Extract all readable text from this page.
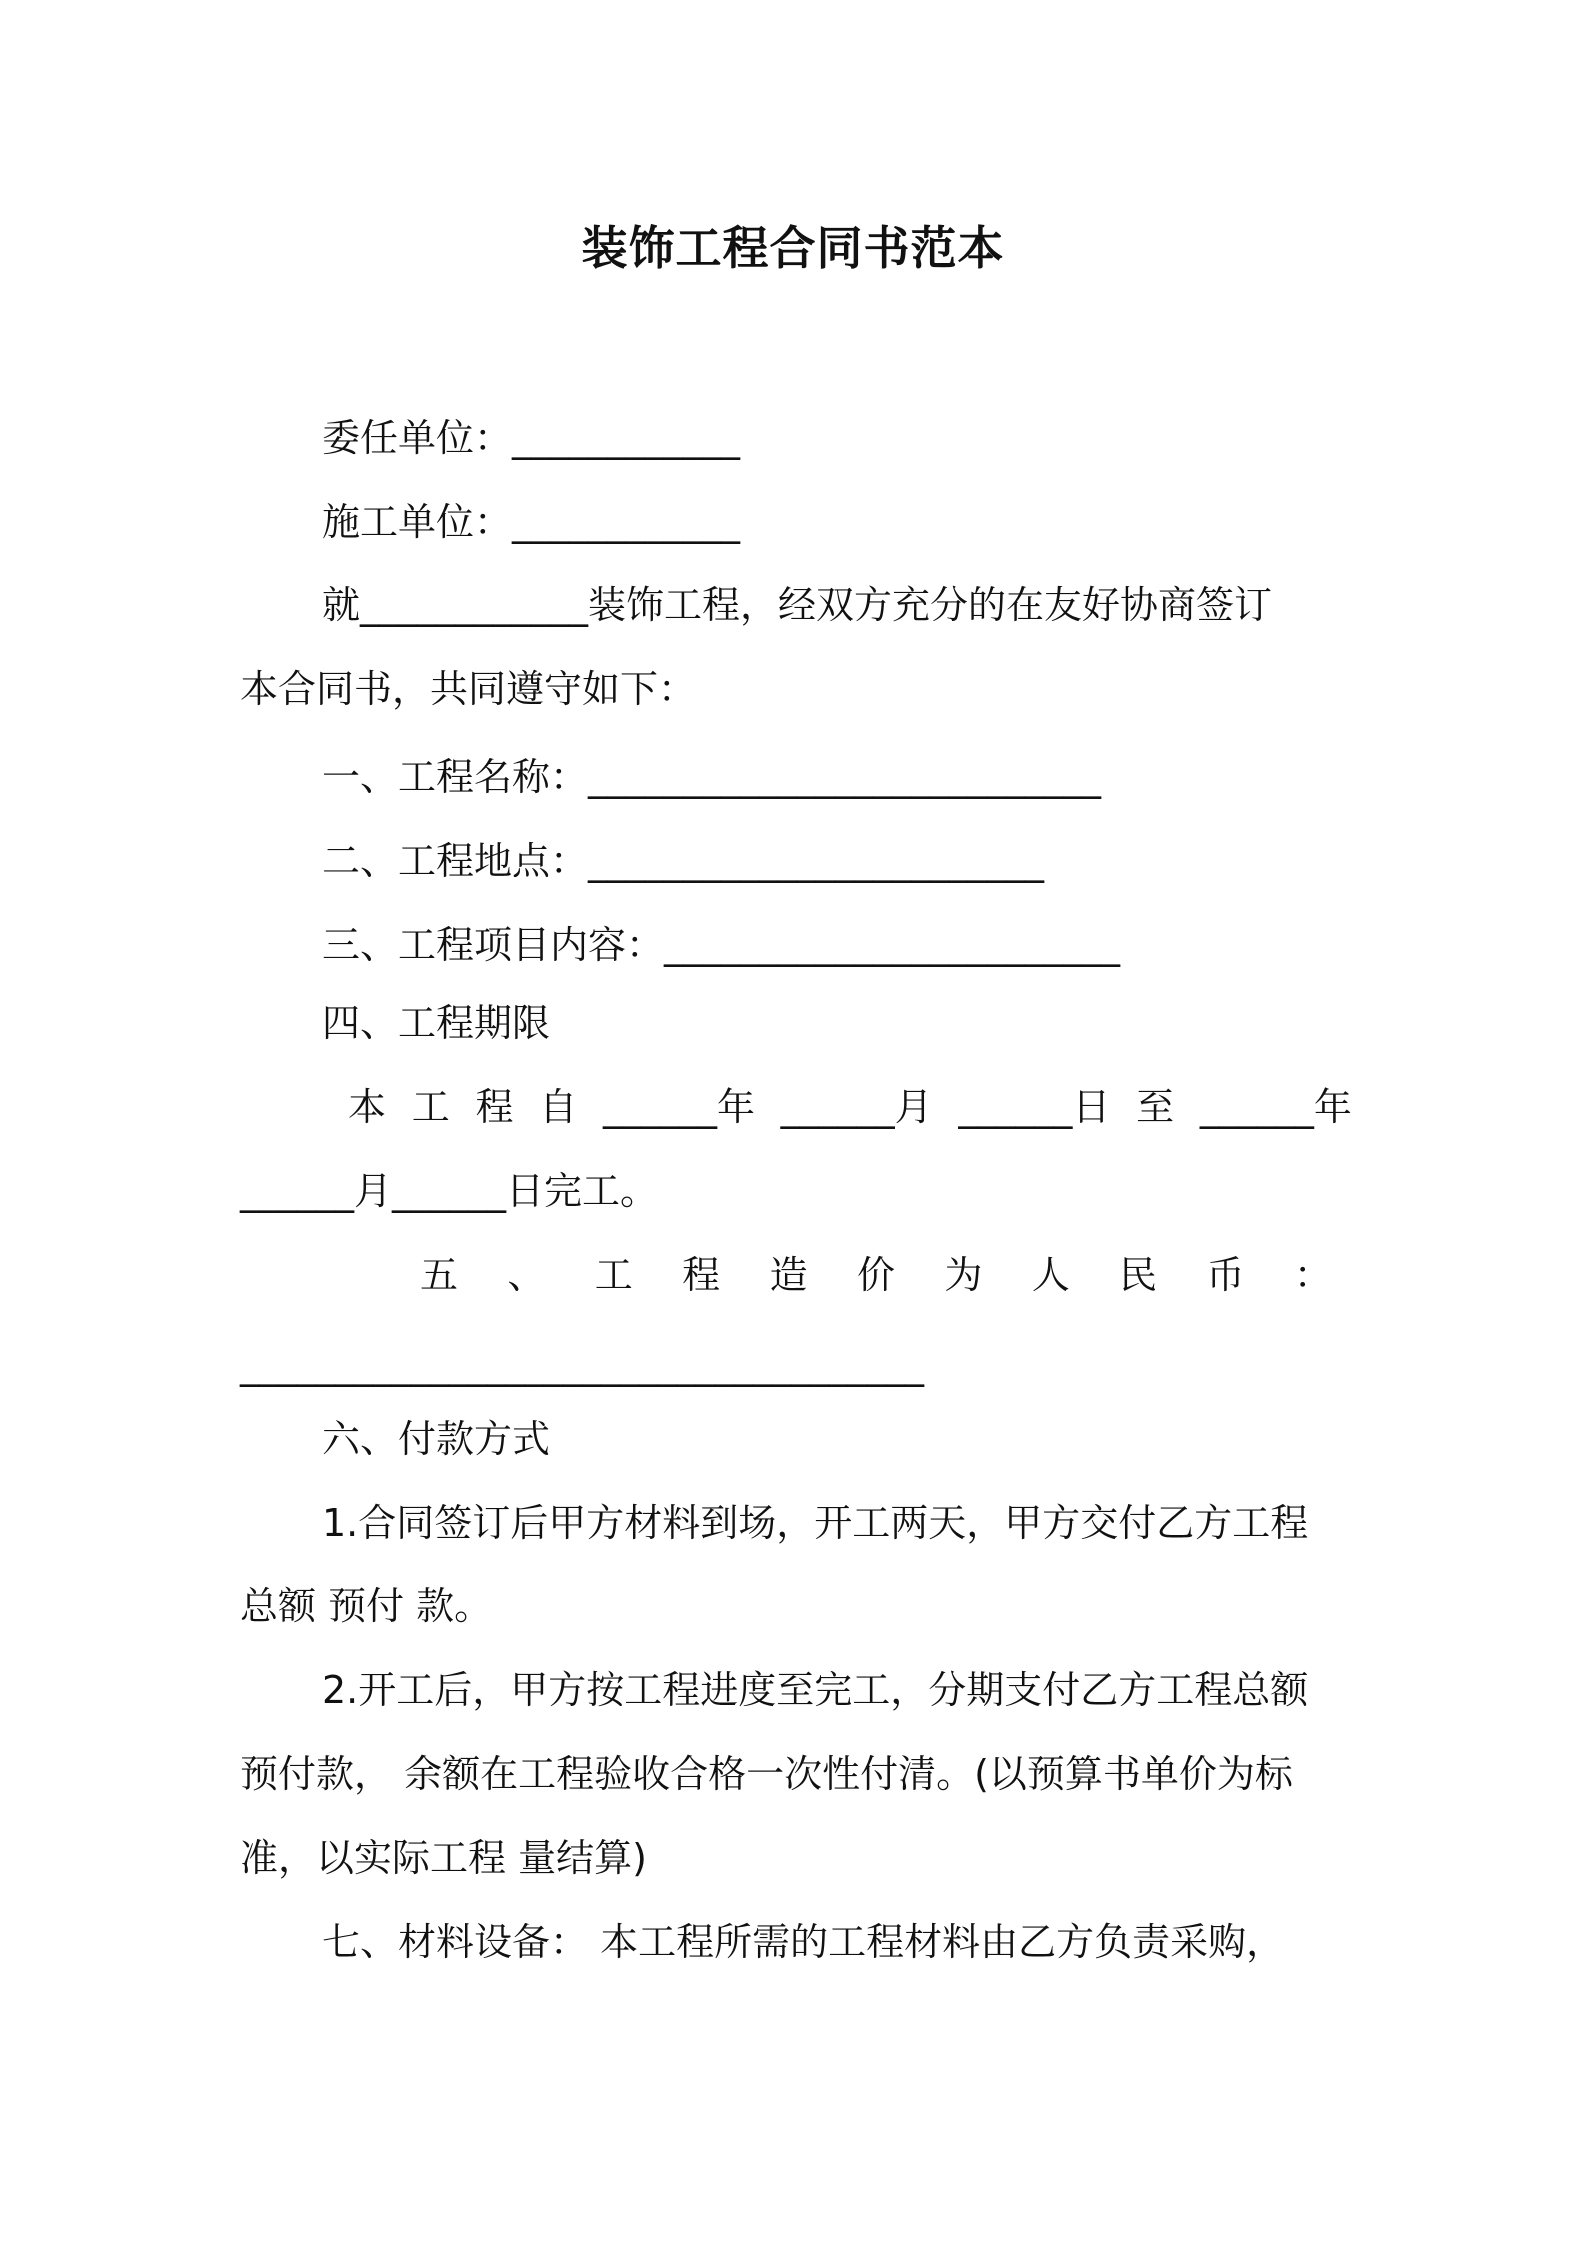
装饰工程合同书范本
委任单位：____________
施工单位：____________
就____________装饰工程，经双方充分的在友好协商签订
本合同书，共同遵守如下：
一、工程名称：___________________________
二、工程地点：________________________
三、工程项目内容：________________________
四、工程期限
本 工 程 自 ______年 ______月 ______日 至 ______年
______月______日完工。
五 、 工 程 造 价 为 人 民 币 ：
____________________________________
六、付款方式
1.合同签订后甲方材料到场，开工两天，甲方交付乙方工程
总额 预付 款。
2.开工后，甲方按工程进度至完工，分期支付乙方工程总额
预付款， 余额在工程验收合格一次性付清。(以预算书单价为标
准，以实际工程 量结算)
七、材料设备： 本工程所需的工程材料由乙方负责采购，
